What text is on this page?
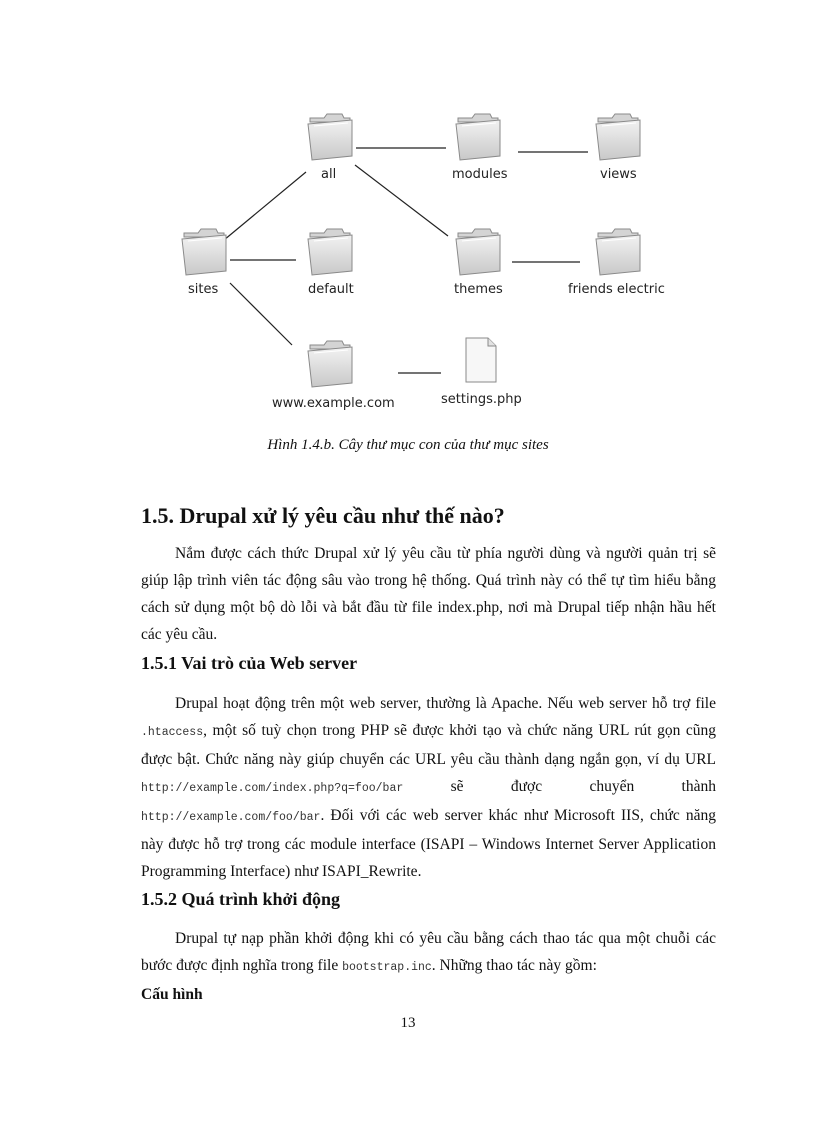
all	modules	views
sites	default	themes	friends electric
www.example.com	settings.php
Hình 1.4.b. Cây thư mục con của thư mục sites
1.5. Drupal xử lý yêu cầu như thế nào?

Nắm được cách thức Drupal xử lý yêu cầu từ phía người dùng và người quản trị sẽ giúp lập trình viên tác động sâu vào trong hệ thống. Quá trình này có thể tự tìm hiểu bằng cách sử dụng một bộ dò lỗi và bắt đầu từ file index.php, nơi mà Drupal tiếp nhận hầu hết các yêu cầu.

1.5.1 Vai trò của Web server

Drupal hoạt động trên một web server, thường là Apache. Nếu web server hỗ trợ file .htaccess, một số tuỳ chọn trong PHP sẽ được khởi tạo và chức năng URL rút gọn cũng được bật. Chức năng này giúp chuyển các URL yêu cầu thành dạng ngắn gọn, ví dụ URL http://example.com/index.php?q=foo/bar sẽ được chuyển thành http://example.com/foo/bar. Đối với các web server khác như Microsoft IIS, chức năng này được hỗ trợ trong các module interface (ISAPI – Windows Internet Server Application Programming Interface) như ISAPI_Rewrite.

1.5.2 Quá trình khởi động

Drupal tự nạp phần khởi động khi có yêu cầu bằng cách thao tác qua một chuỗi các bước được định nghĩa trong file bootstrap.inc. Những thao tác này gồm:

Cấu hình
13
